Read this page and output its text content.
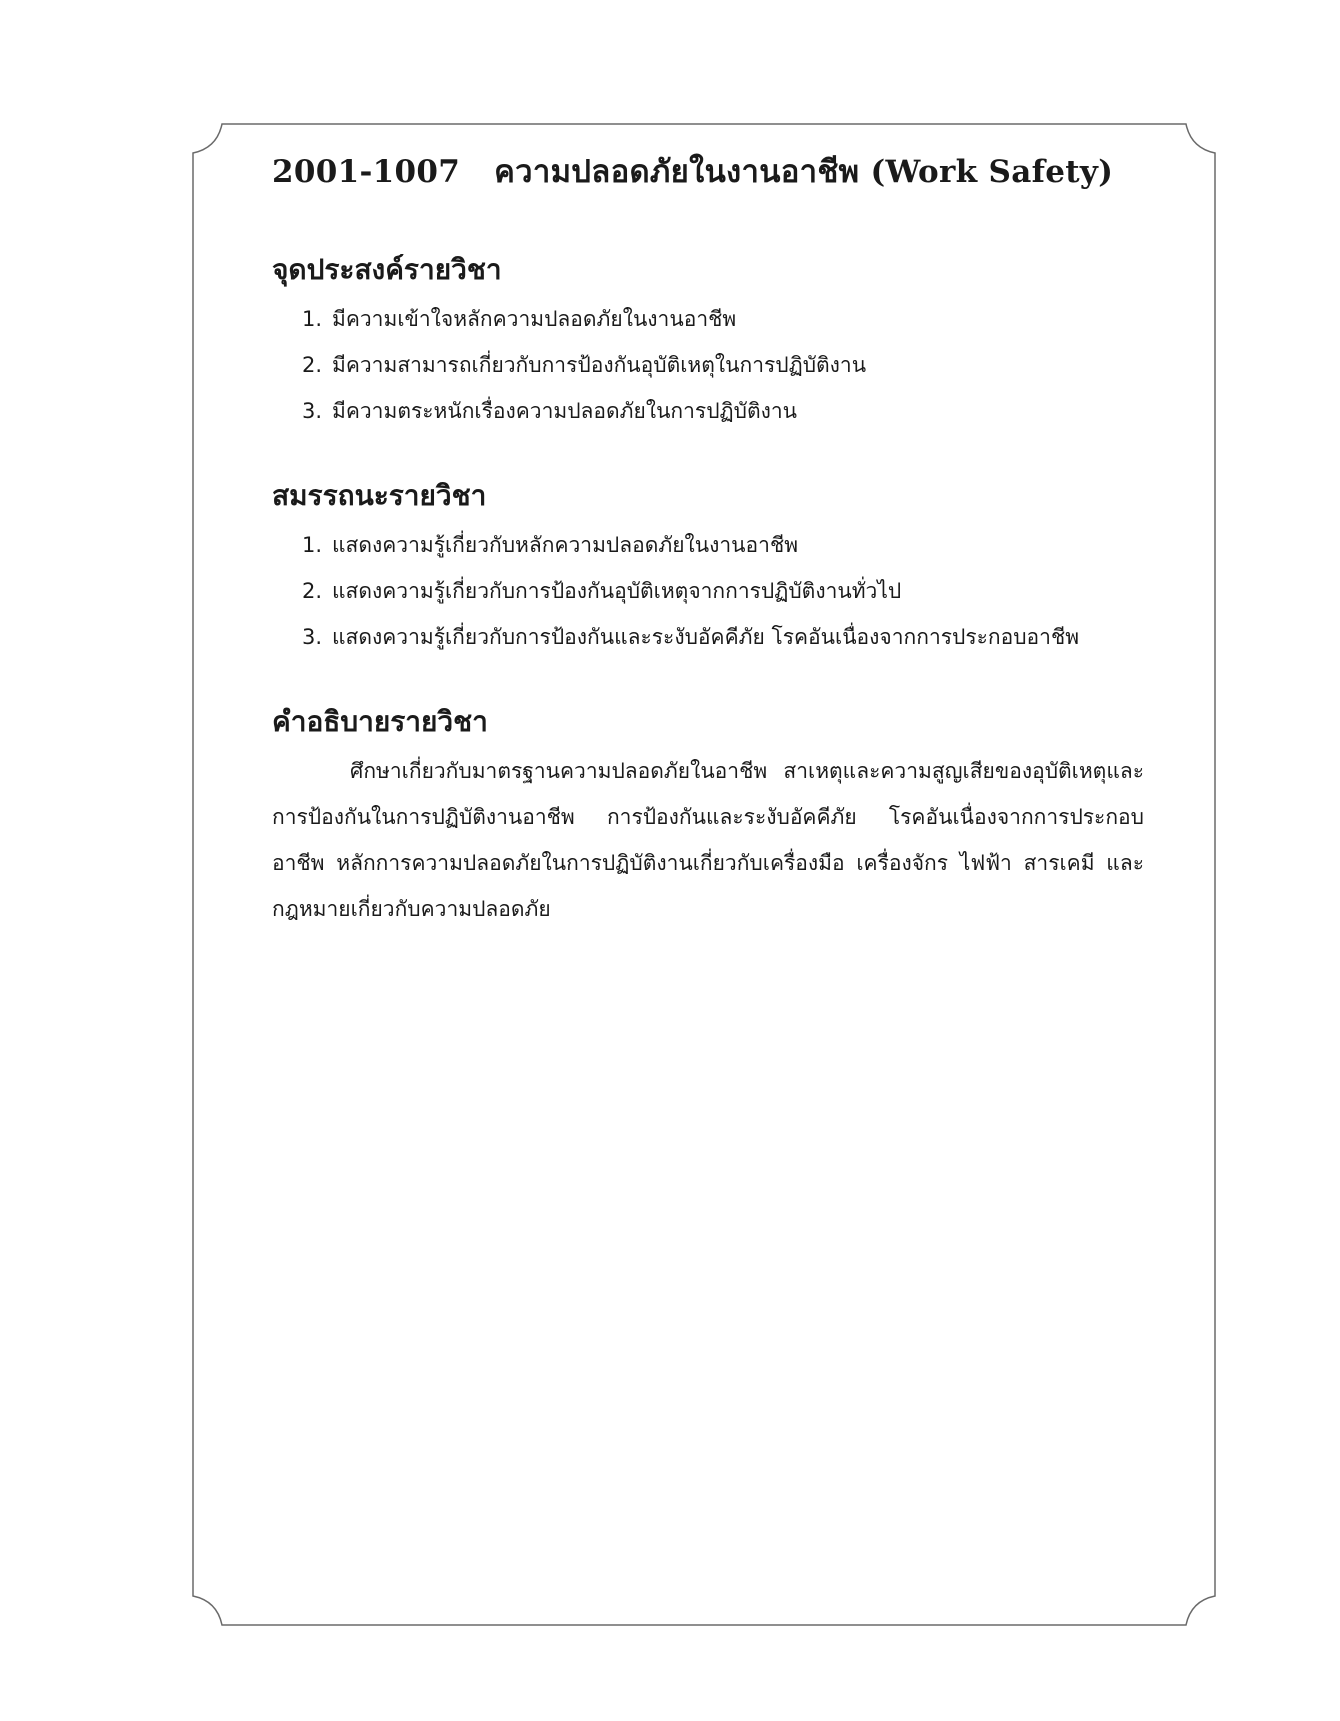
2001-1007 ความปลอดภัยในงานอาชีพ (Work Safety)
จุดประสงค์รายวิชา
1. มีความเข้าใจหลักความปลอดภัยในงานอาชีพ
2. มีความสามารถเกี่ยวกับการป้องกันอุบัติเหตุในการปฏิบัติงาน
3. มีความตระหนักเรื่องความปลอดภัยในการปฏิบัติงาน
สมรรถนะรายวิชา
1. แสดงความรู้เกี่ยวกับหลักความปลอดภัยในงานอาชีพ
2. แสดงความรู้เกี่ยวกับการป้องกันอุบัติเหตุจากการปฏิบัติงานทั่วไป
3. แสดงความรู้เกี่ยวกับการป้องกันและระงับอัคคีภัย โรคอันเนื่องจากการประกอบอาชีพ
คำอธิบายรายวิชา

ศึกษาเกี่ยวกับมาตรฐานความปลอดภัยในอาชีพ สาเหตุและความสูญเสียของอุบัติเหตุและการป้องกันในการปฏิบัติงานอาชีพ การป้องกันและระงับอัคคีภัย โรคอันเนื่องจากการประกอบอาชีพ หลักการความปลอดภัยในการปฏิบัติงานเกี่ยวกับเครื่องมือ เครื่องจักร ไฟฟ้า สารเคมี และกฎหมายเกี่ยวกับความปลอดภัย
